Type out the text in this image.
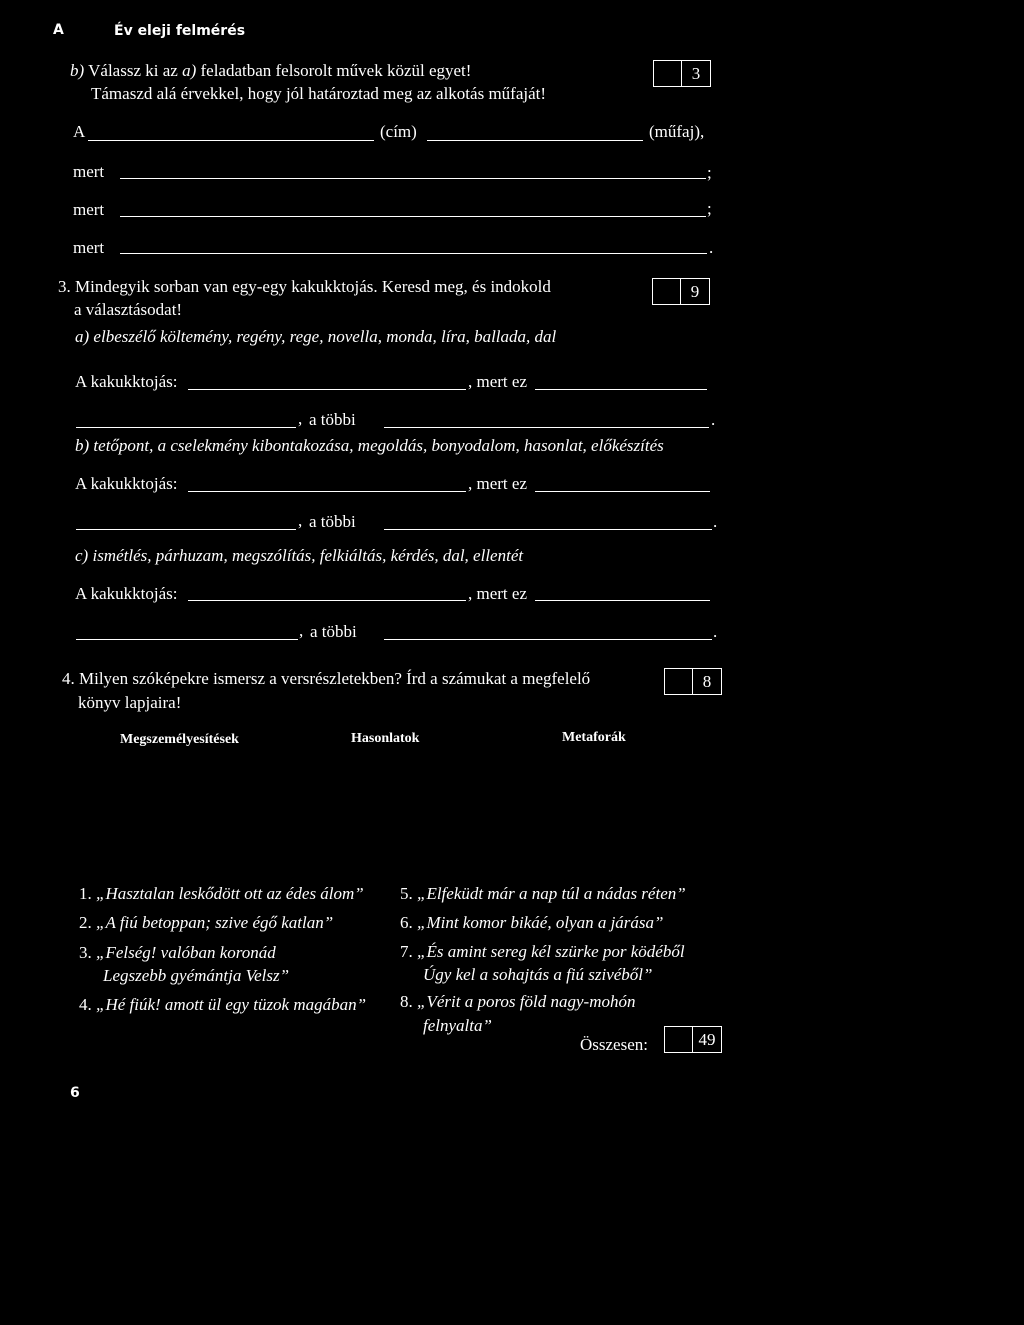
A	Év eleji felmérés
b) Válassz ki az a) feladatban felsorolt művek közül egyet!
Támaszd alá érvekkel, hogy jól határoztad meg az alkotás műfaját!
3
A	(cím)	(műfaj),
mert	;
mert	;
mert	.
3. Mindegyik sorban van egy-egy kakukktojás. Keresd meg, és indokold
a választásodat!
9
a) elbeszélő költemény, regény, rege, novella, monda, líra, ballada, dal
A kakukktojás:	, mert ez
, a többi	.
b) tetőpont, a cselekmény kibontakozása, megoldás, bonyodalom, hasonlat, előkészítés
A kakukktojás:	, mert ez
, a többi	.
c) ismétlés, párhuzam, megszólítás, felkiáltás, kérdés, dal, ellentét
A kakukktojás:	, mert ez
, a többi	.
4. Milyen szóképekre ismersz a versrészletekben? Írd a számukat a megfelelő
könyv lapjaira!
8
Megszemélyesítések	Hasonlatok	Metaforák
1. „Hasztalan leskődött ott az édes álom”
2. „A fiú betoppan; szive égő katlan”
3. „Felség! valóban koronád
Legszebb gyémántja Velsz”
4. „Hé fiúk! amott ül egy tüzok magában”
5. „Elfeküdt már a nap túl a nádas réten”
6. „Mint komor bikáé, olyan a járása”
7. „És amint sereg kél szürke por ködéből
Úgy kel a sohajtás a fiú szivéből”
8. „Vérit a poros föld nagy-mohón
felnyalta”
Összesen:	49
6
